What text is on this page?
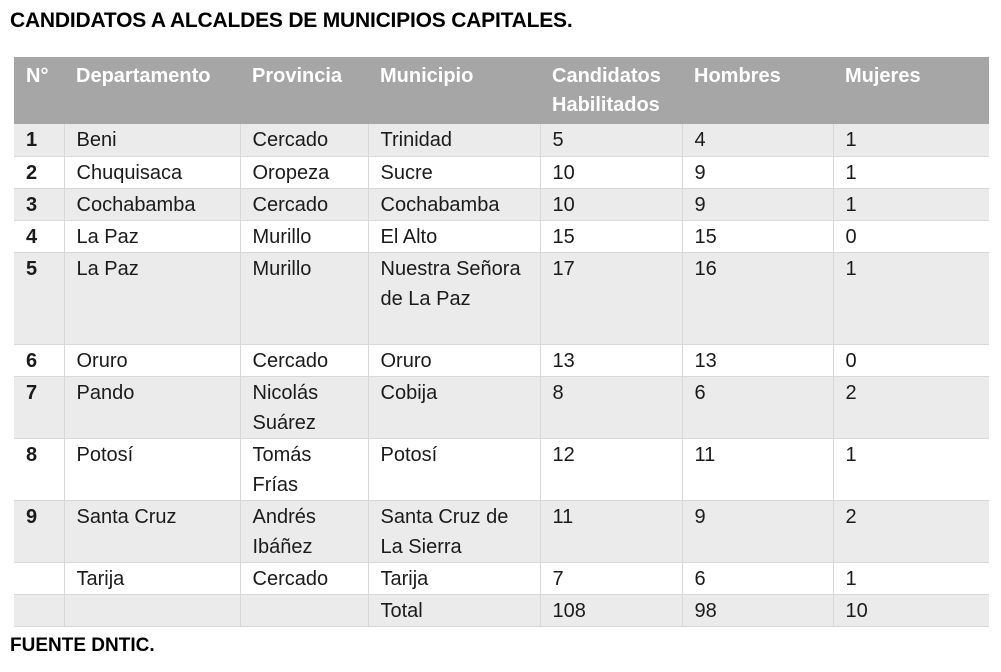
CANDIDATOS A ALCALDES DE MUNICIPIOS CAPITALES.
N°	Departamento	Provincia	Municipio	Candidatos Habilitados	Hombres	Mujeres
1	Beni	Cercado	Trinidad	5	4	1
2	Chuquisaca	Oropeza	Sucre	10	9	1
3	Cochabamba	Cercado	Cochabamba	10	9	1
4	La Paz	Murillo	El Alto	15	15	0
5	La Paz	Murillo	Nuestra Señora de La Paz	17	16	1
6	Oruro	Cercado	Oruro	13	13	0
7	Pando	Nicolás Suárez	Cobija	8	6	2
8	Potosí	Tomás Frías	Potosí	12	11	1
9	Santa Cruz	Andrés Ibáñez	Santa Cruz de La Sierra	11	9	2
	Tarija	Cercado	Tarija	7	6	1
			Total	108	98	10
FUENTE DNTIC.
